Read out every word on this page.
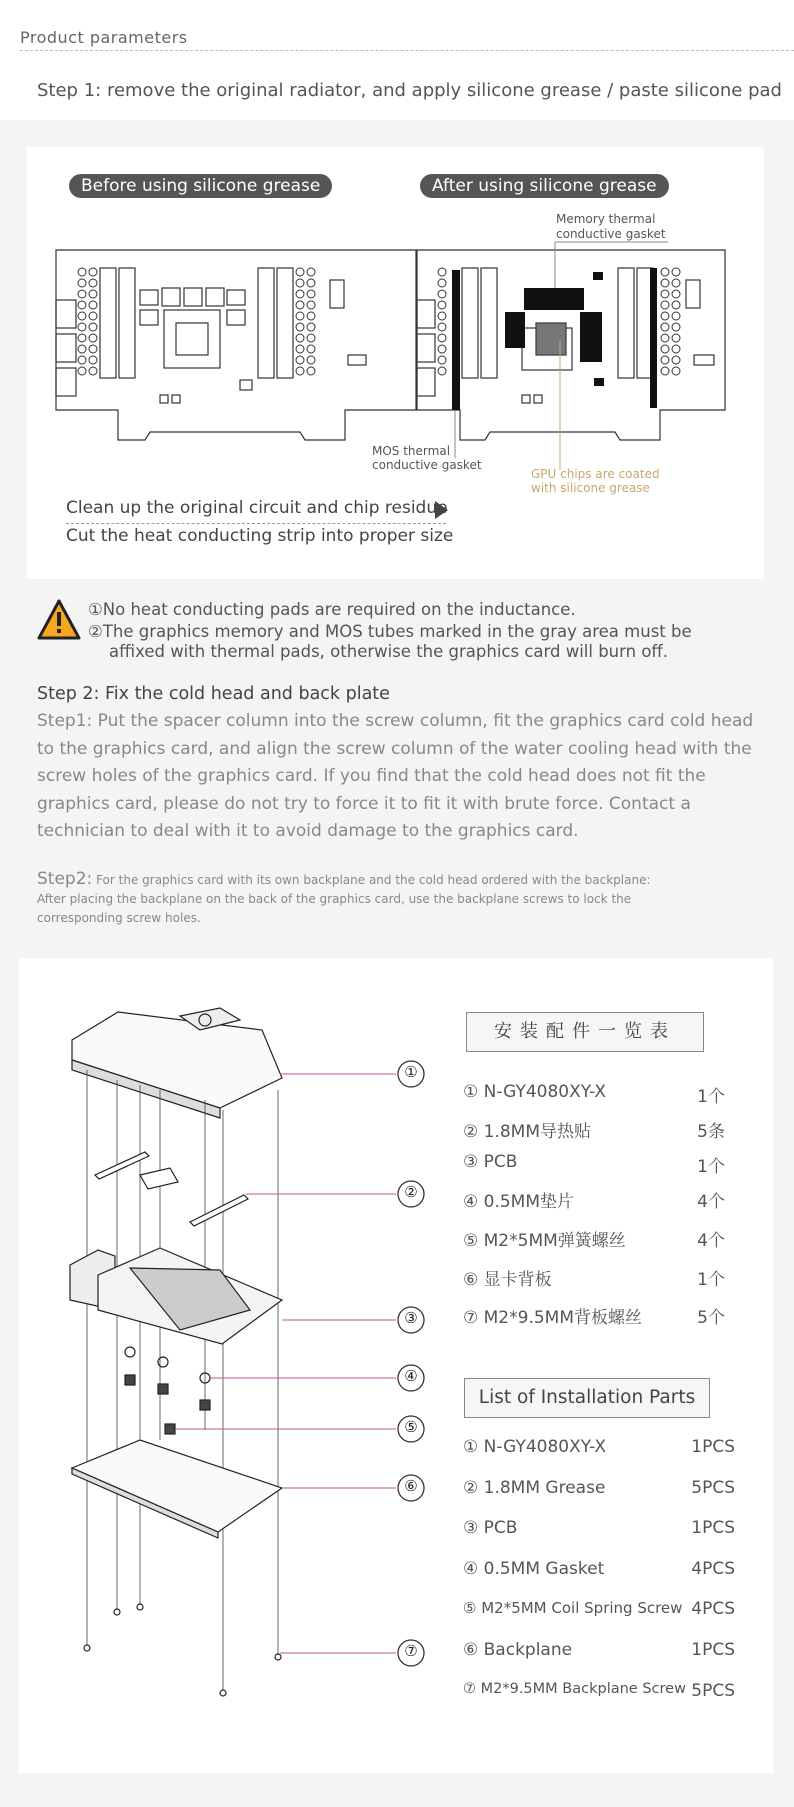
Product parameters
Step 1: remove the original radiator, and apply silicone grease / paste silicone pad
Before using silicone grease	After using silicone grease
Memory thermal
conductive gasket
MOS thermal
conductive gasket
GPU chips are coated
with silicone grease
Clean up the original circuit and chip residue
Cut the heat conducting strip into proper size
①No heat conducting pads are required on the inductance.
②The graphics memory and MOS tubes marked in the gray area must be
affixed with thermal pads, otherwise the graphics card will burn off.
Step 2: Fix the cold head and back plate
Step1: Put the spacer column into the screw column, fit the graphics card cold head
to the graphics card, and align the screw column of the water cooling head with the
screw holes of the graphics card. If you find that the cold head does not fit the
graphics card, please do not try to force it to fit it with brute force. Contact a
technician to deal with it to avoid damage to the graphics card.
Step2: For the graphics card with its own backplane and the cold head ordered with the backplane:
After placing the backplane on the back of the graphics card, use the backplane screws to lock the
corresponding screw holes.
①
②
③
④
⑤
⑥
⑦
安装配件一览表
① N-GY4080XY-X	1个
② 1.8MM导热贴	5条
③ PCB	1个
④ 0.5MM垫片	4个
⑤ M2*5MM弹簧螺丝	4个
⑥ 显卡背板	1个
⑦ M2*9.5MM背板螺丝	5个
List of Installation Parts
① N-GY4080XY-X	1PCS
② 1.8MM Grease	5PCS
③ PCB	1PCS
④ 0.5MM Gasket	4PCS
⑤ M2*5MM Coil Spring Screw 4PCS
⑥ Backplane	1PCS
⑦ M2*9.5MM Backplane Screw 5PCS
